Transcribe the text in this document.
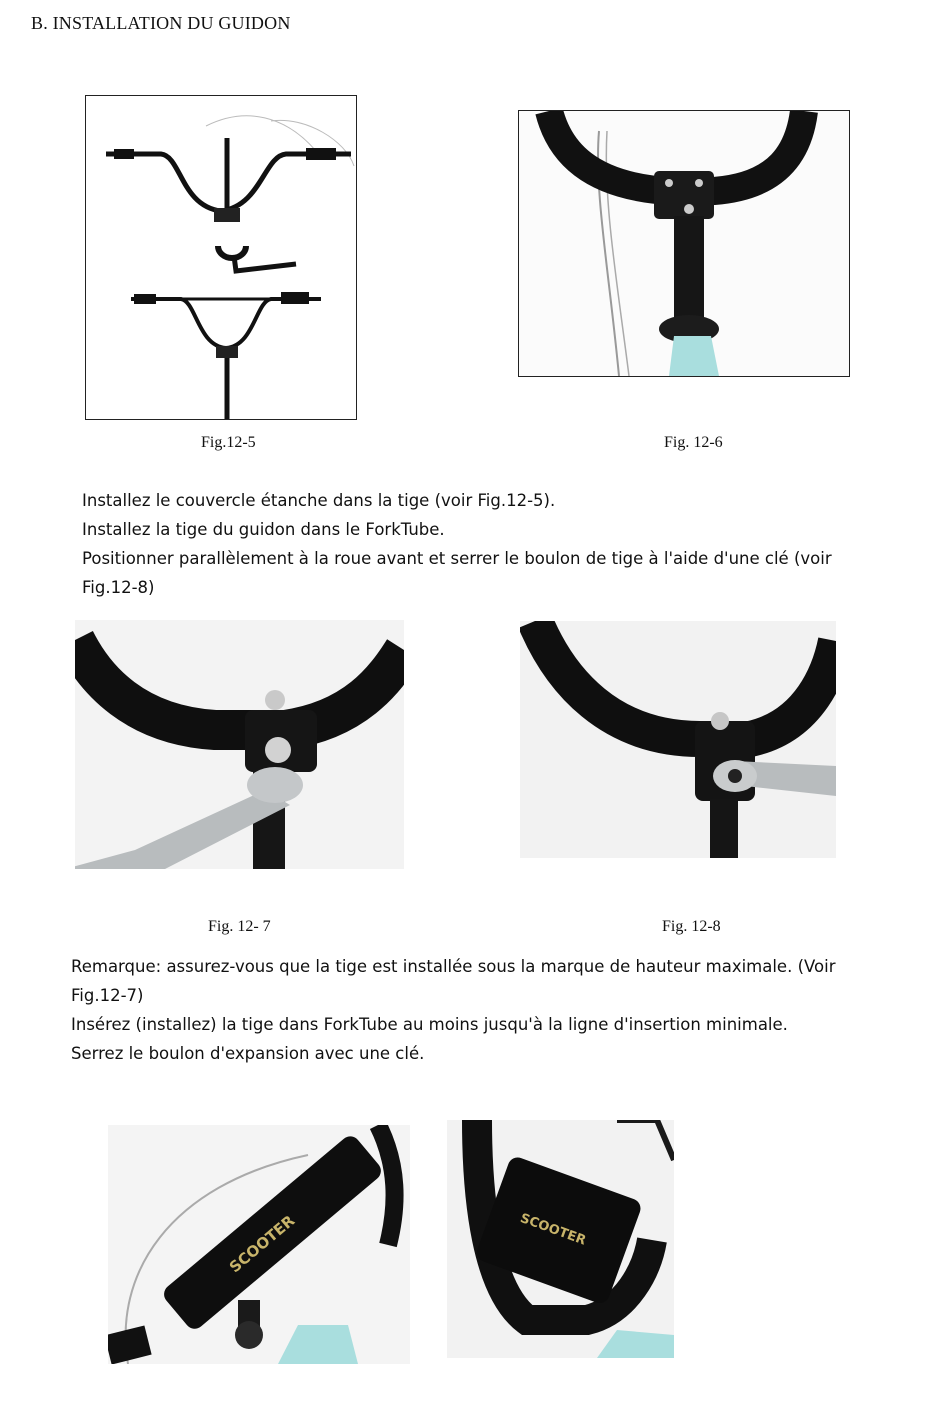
B. INSTALLATION DU GUIDON
Fig.12-5	Fig. 12-6
Installez le couvercle étanche dans la tige (voir Fig.12-5).
Installez la tige du guidon dans le ForkTube.
Positionner parallèlement à la roue avant et serrer le boulon de tige à l'aide d'une clé (voir
Fig.12-8)
Fig. 12- 7	Fig. 12-8
Remarque: assurez-vous que la tige est installée sous la marque de hauteur maximale. (Voir
Fig.12-7)
Insérez (installez) la tige dans ForkTube au moins jusqu'à la ligne d'insertion minimale.
Serrez le boulon d'expansion avec une clé.
SCOOTER	SCOOTER
